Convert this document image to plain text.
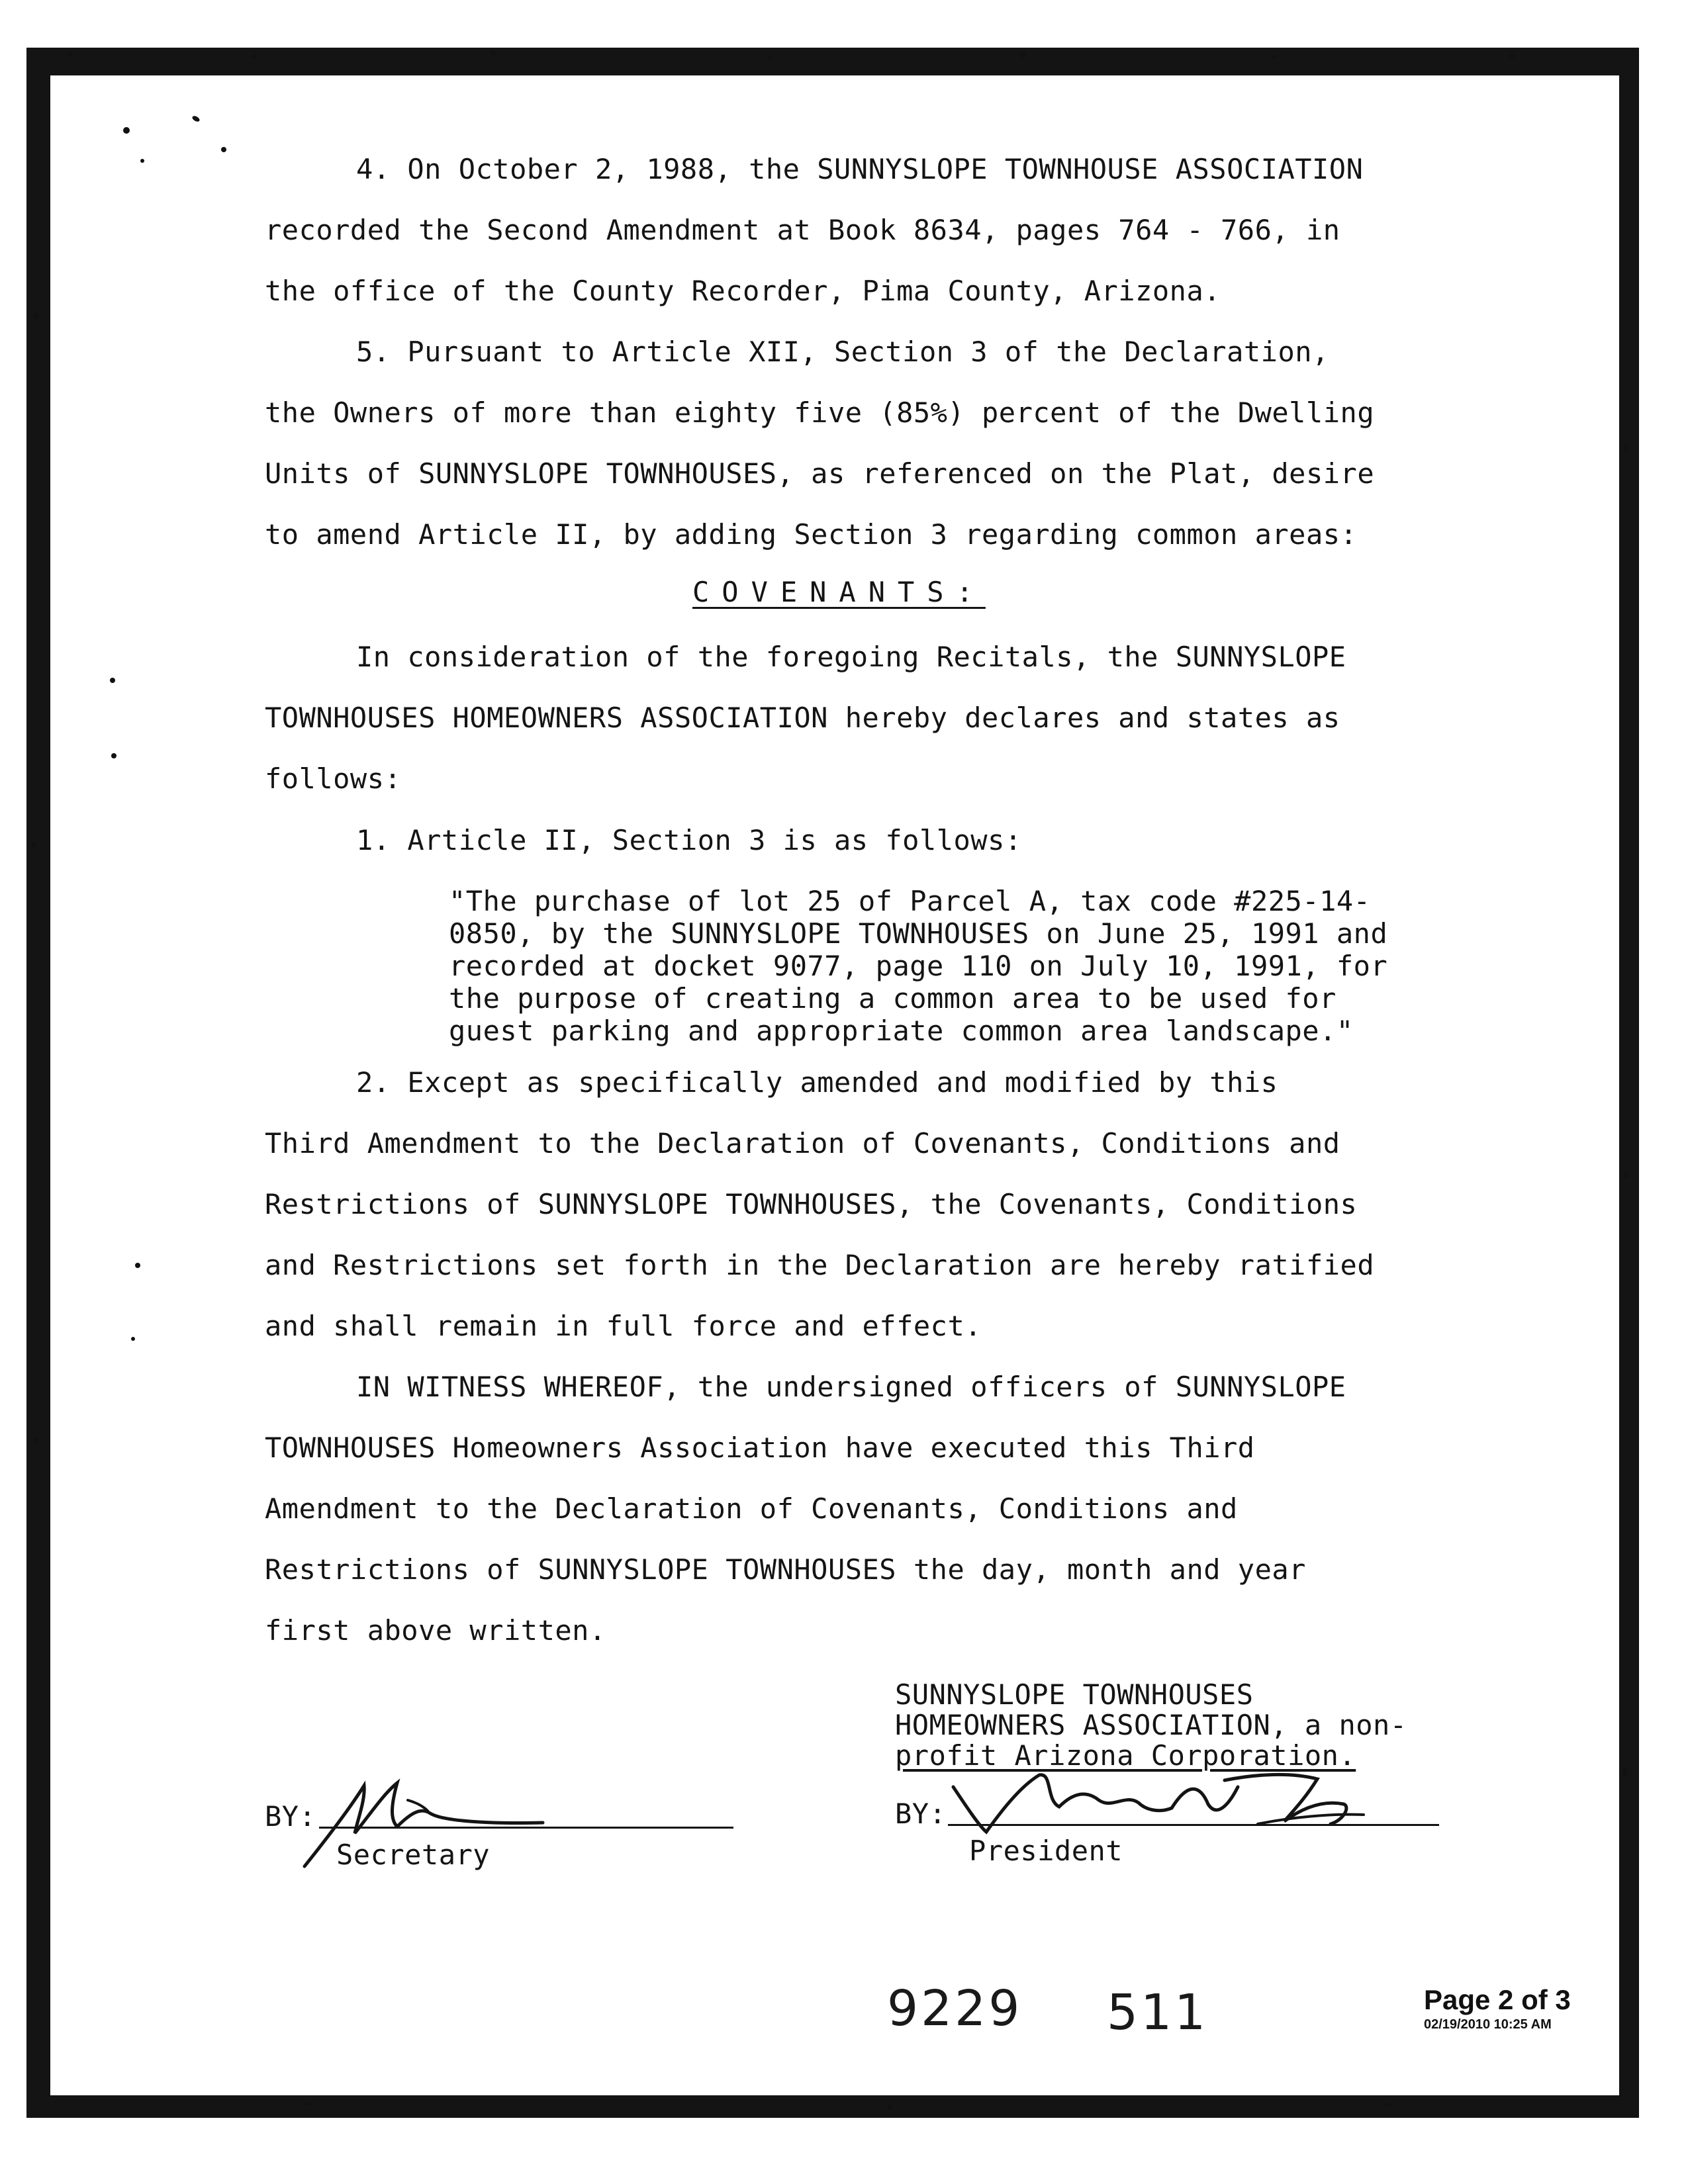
4. On October 2, 1988, the SUNNYSLOPE TOWNHOUSE ASSOCIATION
recorded the Second Amendment at Book 8634, pages 764 - 766, in
the office of the County Recorder, Pima County, Arizona.
5. Pursuant to Article XII, Section 3 of the Declaration,
the Owners of more than eighty five (85%) percent of the Dwelling
Units of SUNNYSLOPE TOWNHOUSES, as referenced on the Plat, desire
to amend Article II, by adding Section 3 regarding common areas:
COVENANTS:
In consideration of the foregoing Recitals, the SUNNYSLOPE
TOWNHOUSES HOMEOWNERS ASSOCIATION hereby declares and states as
follows:
1. Article II, Section 3 is as follows:
"The purchase of lot 25 of Parcel A, tax code #225-14-
0850, by the SUNNYSLOPE TOWNHOUSES on June 25, 1991 and
recorded at docket 9077, page 110 on July 10, 1991, for
the purpose of creating a common area to be used for
guest parking and appropriate common area landscape."
2. Except as specifically amended and modified by this
Third Amendment to the Declaration of Covenants, Conditions and
Restrictions of SUNNYSLOPE TOWNHOUSES, the Covenants, Conditions
and Restrictions set forth in the Declaration are hereby ratified
and shall remain in full force and effect.
IN WITNESS WHEREOF, the undersigned officers of SUNNYSLOPE
TOWNHOUSES Homeowners Association have executed this Third
Amendment to the Declaration of Covenants, Conditions and
Restrictions of SUNNYSLOPE TOWNHOUSES the day, month and year
first above written.
SUNNYSLOPE TOWNHOUSES
HOMEOWNERS ASSOCIATION, a non-
profit Arizona Corporation.
BY:
Secretary
BY:
President
9229 511	Page 2 of 3
02/19/2010 10:25 AM
